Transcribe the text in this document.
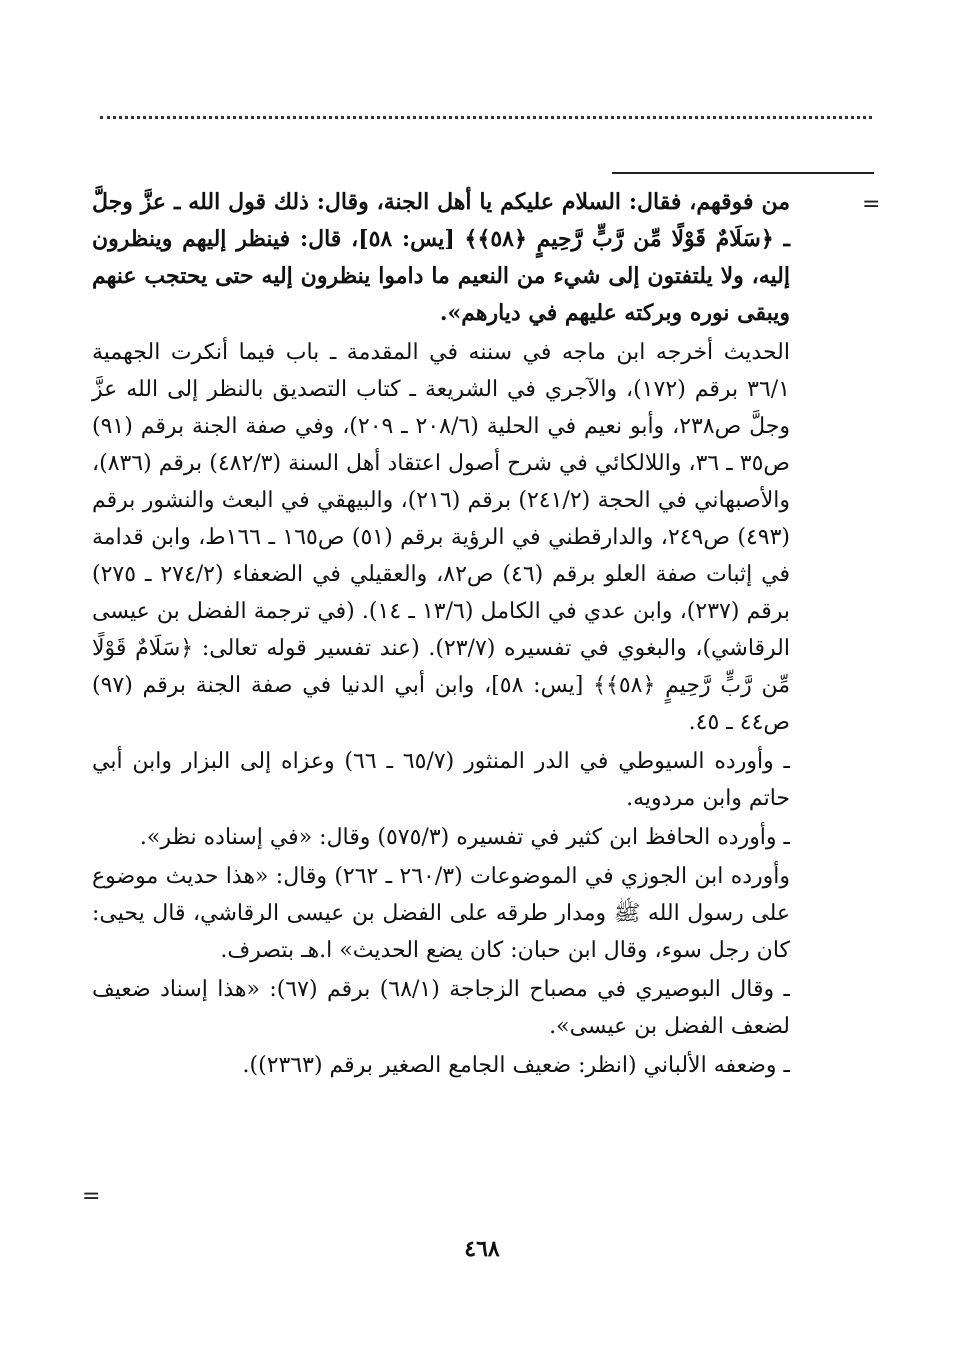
=

من فوقهم، فقال: السلام عليكم يا أهل الجنة، وقال: ذلك قول الله ـ عزَّ وجلَّ ـ ﴿سَلَامٌ قَوْلًا مِّن رَّبٍّ رَّحِيمٍ ﴿٥٨﴾﴾ [يس: ٥٨]، قال: فينظر إليهم وينظرون إليه، ولا يلتفتون إلى شيء من النعيم ما داموا ينظرون إليه حتى يحتجب عنهم ويبقى نوره وبركته عليهم في ديارهم».

الحديث أخرجه ابن ماجه في سننه في المقدمة ـ باب فيما أنكرت الجهمية ٣٦/١ برقم (١٧٢)، والآجري في الشريعة ـ كتاب التصديق بالنظر إلى الله عزَّ وجلَّ ص٢٣٨، وأبو نعيم في الحلية (٢٠٨/٦ ـ ٢٠٩)، وفي صفة الجنة برقم (٩١) ص٣٥ ـ ٣٦، واللالكائي في شرح أصول اعتقاد أهل السنة (٤٨٢/٣) برقم (٨٣٦)، والأصبهاني في الحجة (٢٤١/٢) برقم (٢١٦)، والبيهقي في البعث والنشور برقم (٤٩٣) ص٢٤٩، والدارقطني في الرؤية برقم (٥١) ص١٦٥ ـ ١٦٦ط، وابن قدامة في إثبات صفة العلو برقم (٤٦) ص٨٢، والعقيلي في الضعفاء (٢٧٤/٢ ـ ٢٧٥) برقم (٢٣٧)، وابن عدي في الكامل (١٣/٦ ـ ١٤). (في ترجمة الفضل بن عيسى الرقاشي)، والبغوي في تفسيره (٢٣/٧). (عند تفسير قوله تعالى: ﴿سَلَامٌ قَوْلًا مِّن رَّبٍّ رَّحِيمٍ ﴿٥٨﴾﴾ [يس: ٥٨]، وابن أبي الدنيا في صفة الجنة برقم (٩٧) ص٤٤ ـ ٤٥.

ـ وأورده السيوطي في الدر المنثور (٦٥/٧ ـ ٦٦) وعزاه إلى البزار وابن أبي حاتم وابن مردويه.

ـ وأورده الحافظ ابن كثير في تفسيره (٥٧٥/٣) وقال: «في إسناده نظر».

وأورده ابن الجوزي في الموضوعات (٢٦٠/٣ ـ ٢٦٢) وقال: «هذا حديث موضوع على رسول الله ﷺ ومدار طرقه على الفضل بن عيسى الرقاشي، قال يحيى: كان رجل سوء، وقال ابن حبان: كان يضع الحديث» ا.هـ بتصرف.

ـ وقال البوصيري في مصباح الزجاجة (٦٨/١) برقم (٦٧): «هذا إسناد ضعيف لضعف الفضل بن عيسى».

ـ وضعفه الألباني (انظر: ضعيف الجامع الصغير برقم (٢٣٦٣)).

=
٤٦٨
